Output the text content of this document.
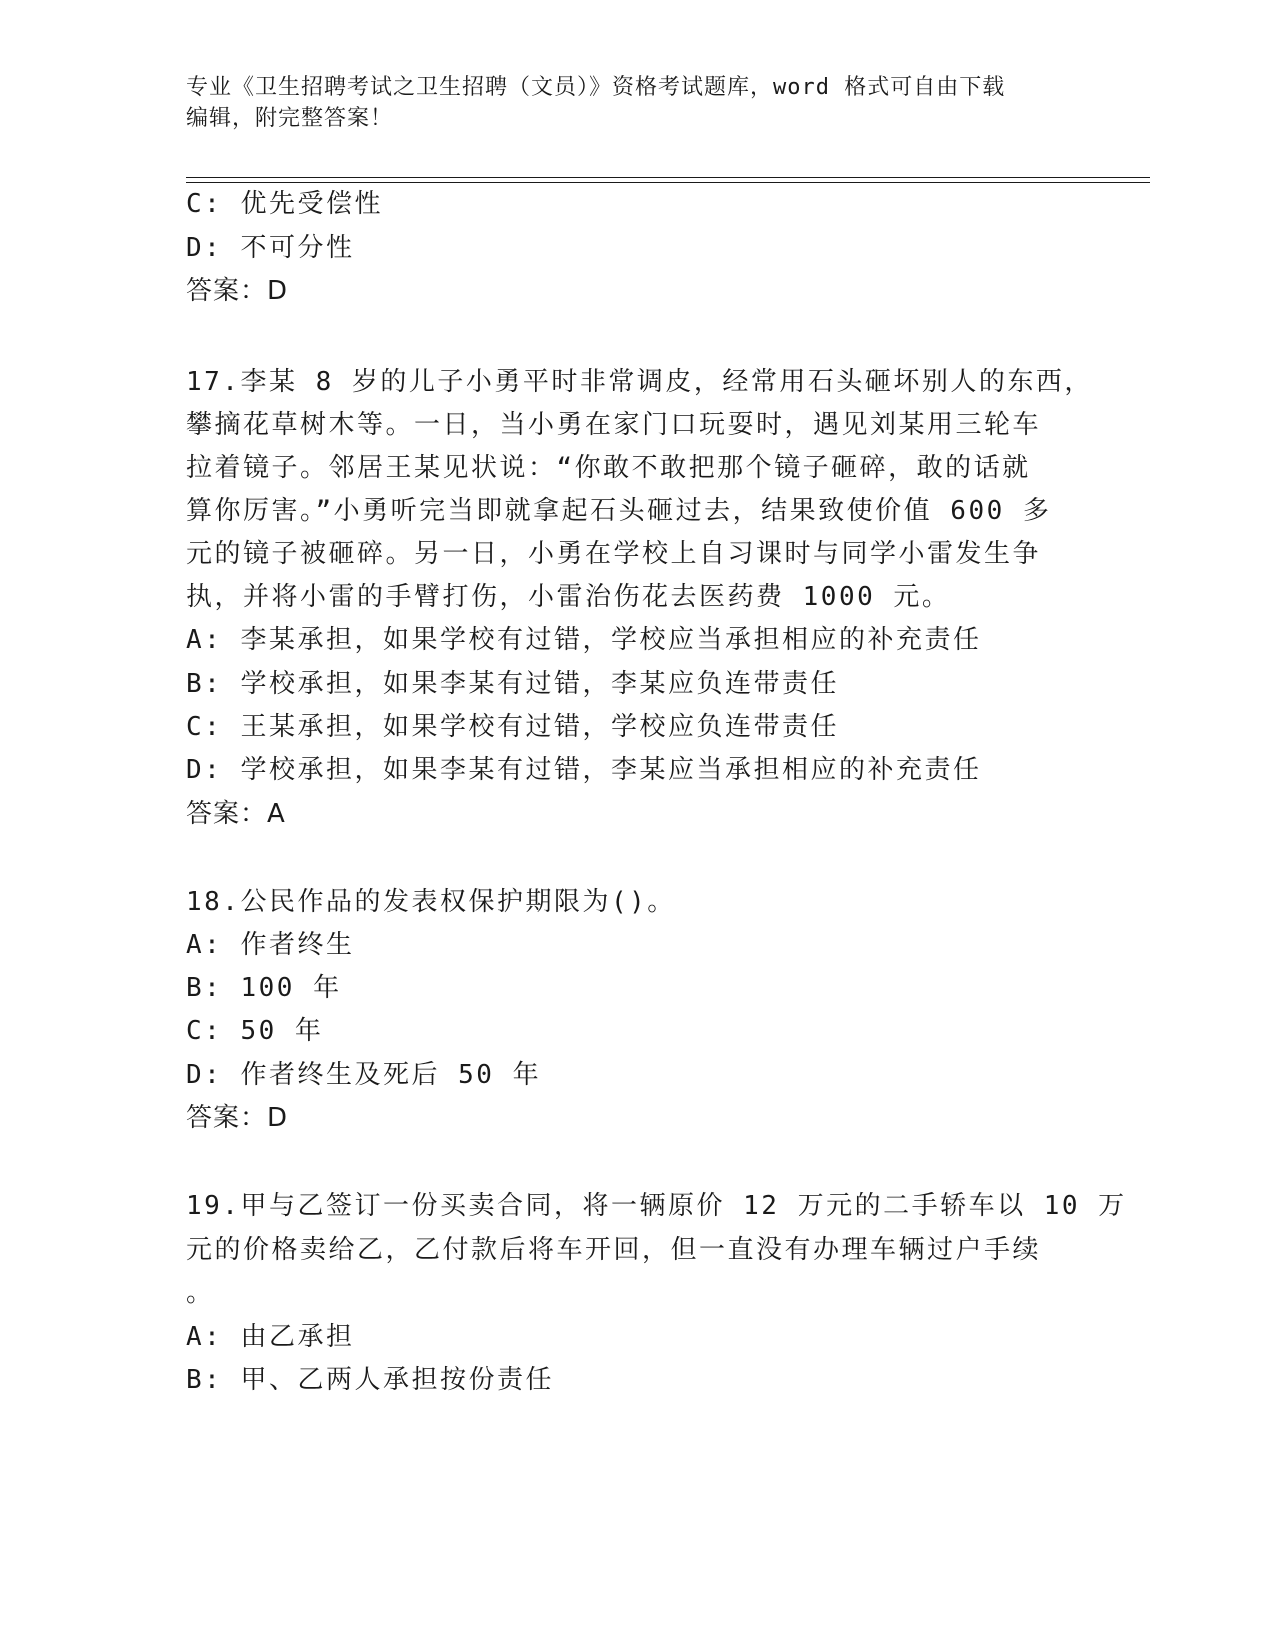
专业《卫生招聘考试之卫生招聘（文员）》资格考试题库，word 格式可自由下载
编辑，附完整答案！
C: 优先受偿性
D: 不可分性
答案：D
17.李某 8 岁的儿子小勇平时非常调皮，经常用石头砸坏别人的东西，
攀摘花草树木等。一日，当小勇在家门口玩耍时，遇见刘某用三轮车
拉着镜子。邻居王某见状说：“你敢不敢把那个镜子砸碎，敢的话就
算你厉害。”小勇听完当即就拿起石头砸过去，结果致使价值 600 多
元的镜子被砸碎。另一日，小勇在学校上自习课时与同学小雷发生争
执，并将小雷的手臂打伤，小雷治伤花去医药费 1000 元。
A: 李某承担，如果学校有过错，学校应当承担相应的补充责任
B: 学校承担，如果李某有过错，李某应负连带责任
C: 王某承担，如果学校有过错，学校应负连带责任
D: 学校承担，如果李某有过错，李某应当承担相应的补充责任
答案：A
18.公民作品的发表权保护期限为()。
A: 作者终生
B: 100 年
C: 50 年
D: 作者终生及死后 50 年
答案：D
19.甲与乙签订一份买卖合同，将一辆原价 12 万元的二手轿车以 10 万
元的价格卖给乙，乙付款后将车开回，但一直没有办理车辆过户手续
。
A: 由乙承担
B: 甲、乙两人承担按份责任
